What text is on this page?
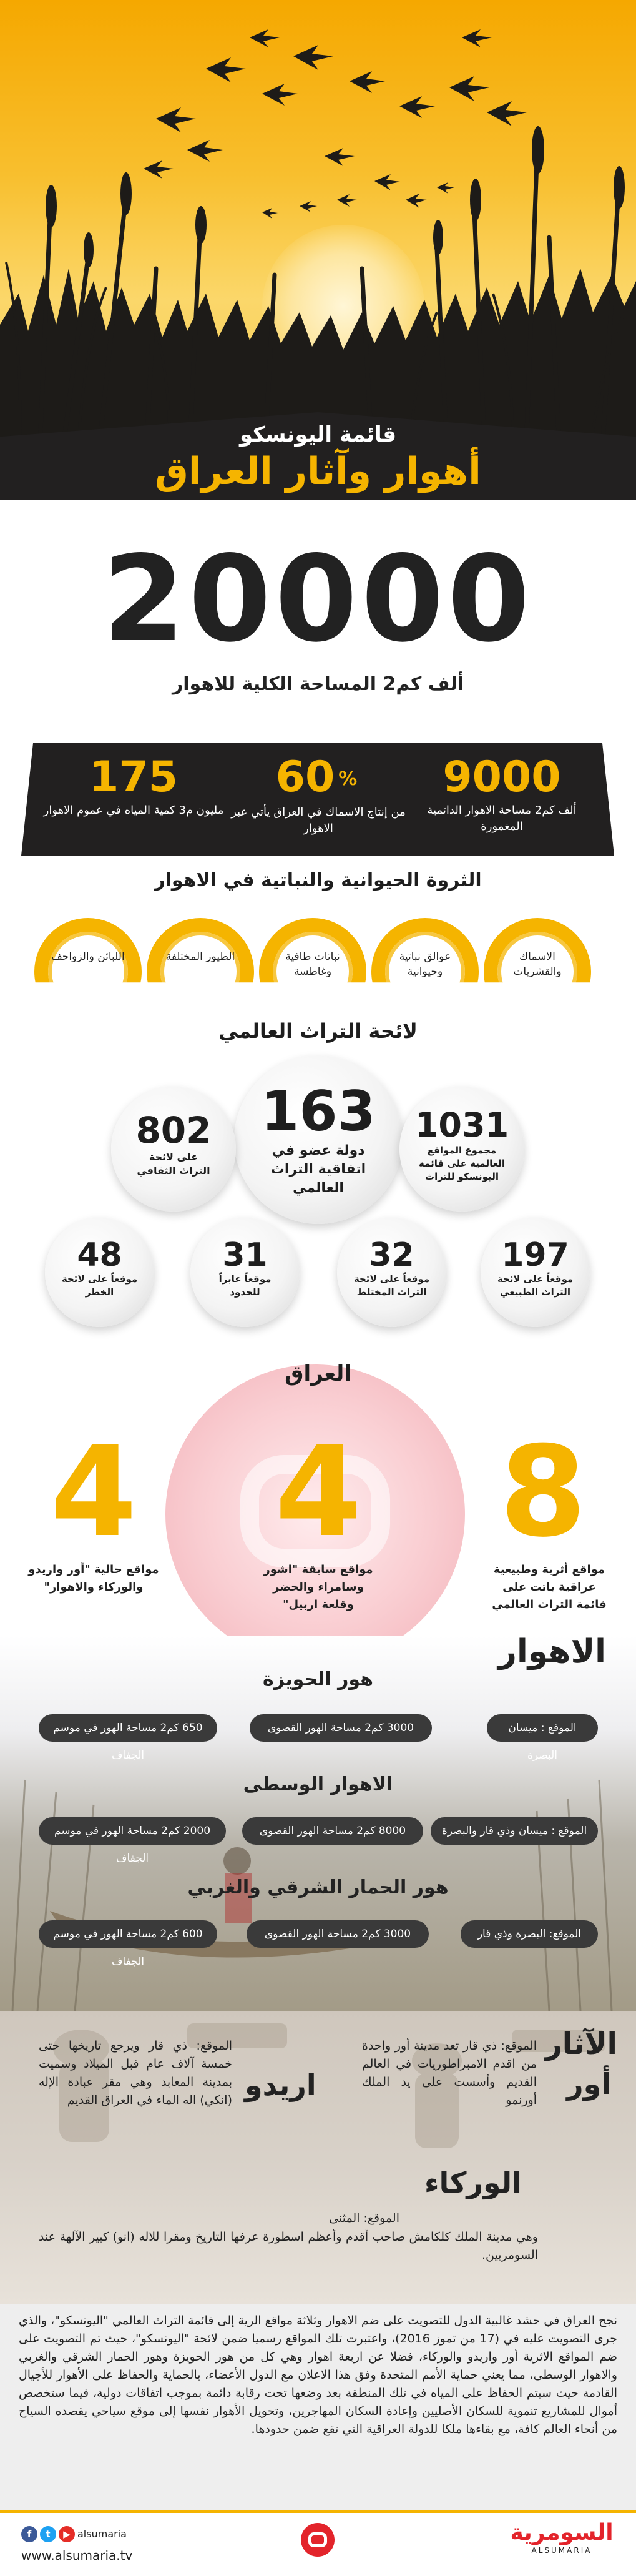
قائمة اليونسكو
أهوار وآثار العراق
20000
ألف كم2 المساحة الكلية للاهوار
9000
ألف كم2 مساحة الاهوار الدائمية المغمورة
60 %
من إنتاج الاسماك في العراق يأتي عبر الاهوار
175
مليون م3 كمية المياه في عموم الاهوار
الثروة الحيوانية والنباتية في الاهوار
الاسماك والقشريات
عوالق نباتية وحيوانية
نباتات طافية وغاطسة
الطيور المختلفة
اللبائن والزواحف
لائحة التراث العالمي
163
دولة عضو في اتفاقية التراث العالمي
802
على لائحة التراث الثقافي
1031
مجموع المواقع العالمية على قائمة اليونسكو للتراث
197
موقعاً على لائحة التراث الطبيعي
32
موقعاً على لائحة التراث المختلط
31
موقعاً عابراً للحدود
48
موقعاً على لائحة الخطر
العراق
8
مواقع أثرية وطبيعية عراقية باتت على قائمة التراث العالمي
4
مواقع سابقة "اشور وسامراء والحضر وقلعة اربيل"
4
مواقع حالية "أور واريدو والوركاء والاهوار"
الاهوار
هور الحويزة
الموقع : ميسان البصرة
3000 كم2 مساحة الهور القصوى
650 كم2 مساحة الهور في موسم الجفاف
الاهوار الوسطى
الموقع : ميسان وذي قار والبصرة
8000 كم2 مساحة الهور القصوى
2000 كم2 مساحة الهور في موسم الجفاف
هور الحمار الشرقي والغربي
الموقع: البصرة وذي قار
3000 كم2 مساحة الهور القصوى
600 كم2 مساحة الهور في موسم الجفاف
الآثار
أور
الموقع: ذي قار تعد مدينة أور واحدة من اقدم الامبراطوريات في العالم القديم وأسست على يد الملك أورنمو
اريدو
الموقع: ذي قار ويرجع تاريخها حتى خمسة آلاف عام قبل الميلاد وسميت بمدينة المعابد وهي مقر عبادة الإله (انكي) اله الماء في العراق القديم
الوركاء
الموقع: المثنى
وهي مدينة الملك كلكامش صاحب أقدم وأعظم اسطورة عرفها التاريخ ومقرا للاله (انو) كبير الآلهة عند السومريين.
نجح العراق في حشد غالبية الدول للتصويت على ضم الاهوار وثلاثة مواقع الرية إلى قائمة التراث العالمي "اليونسكو"، والذي جرى التصويت عليه في (17 من تموز 2016)، واعتبرت تلك المواقع رسميا ضمن لائحة "اليونسكو"، حيث تم التصويت على ضم المواقع الاثرية أور واريدو والوركاء، فضلا عن اربعة اهوار وهي كل من هور الحويزة وهور الحمار الشرقي والغربي والاهوار الوسطى، مما يعني حماية الأمم المتحدة وفق هذا الاعلان مع الدول الأعضاء، بالحماية والحفاظ على الأهوار للأجيال القادمة حيث سيتم الحفاظ على المياه في تلك المنطقة بعد وضعها تحت رقابة دائمة بموجب اتفاقات دولية، فيما ستخصص أموال للمشاريع تنموية للسكان الأصليين وإعادة السكان المهاجرين، وتحويل الأهوار نفسها إلى موقع سياحي يقصده السياح من أنحاء العالم كافة، مع بقاءها ملكا للدولة العراقية التي تقع ضمن حدودها.
السومرية
ALSUMARIA
f	t	▶ alsumaria
www.alsumaria.tv
